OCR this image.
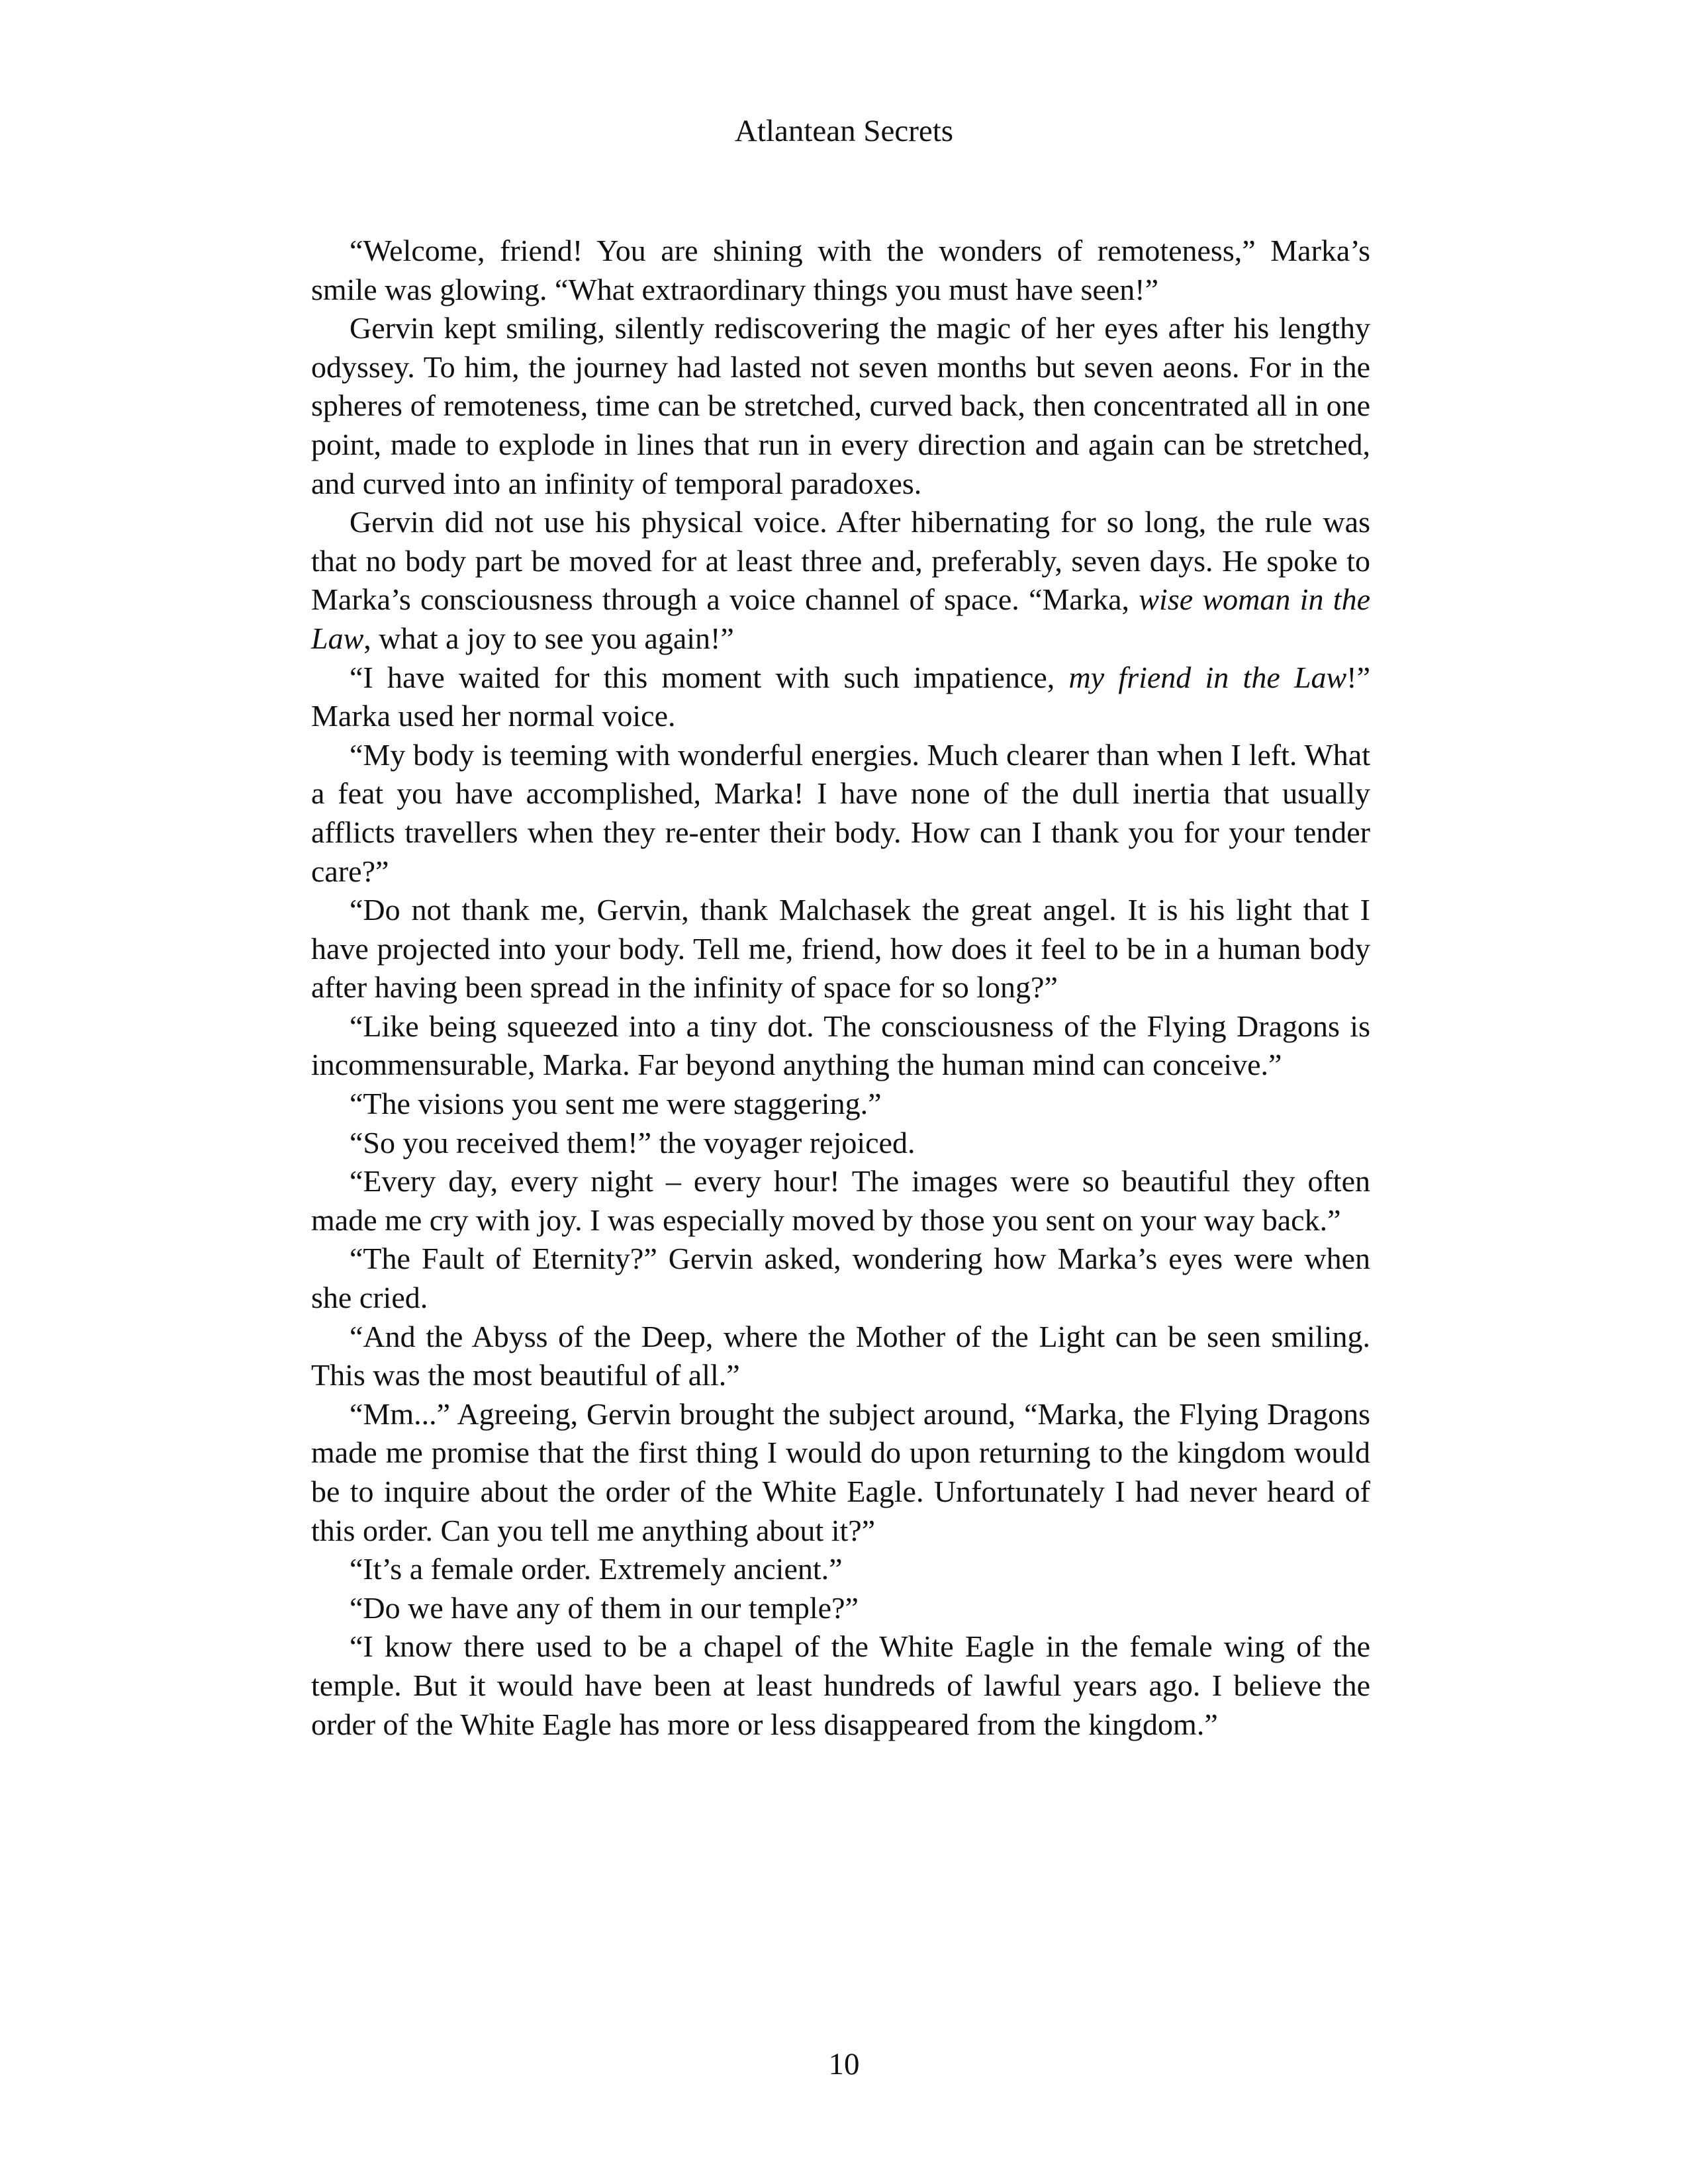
Atlantean Secrets

“Welcome, friend! You are shining with the wonders of remoteness,” Marka’s smile was glowing. “What extraordinary things you must have seen!”

Gervin kept smiling, silently rediscovering the magic of her eyes after his lengthy odyssey. To him, the journey had lasted not seven months but seven aeons. For in the spheres of remoteness, time can be stretched, curved back, then concentrated all in one point, made to explode in lines that run in every direction and again can be stretched, and curved into an infinity of temporal paradoxes.

Gervin did not use his physical voice. After hibernating for so long, the rule was that no body part be moved for at least three and, preferably, seven days. He spoke to Marka’s consciousness through a voice channel of space. “Marka, wise woman in the Law, what a joy to see you again!”

“I have waited for this moment with such impatience, my friend in the Law!” Marka used her normal voice.

“My body is teeming with wonderful energies. Much clearer than when I left. What a feat you have accomplished, Marka! I have none of the dull inertia that usually afflicts travellers when they re-enter their body. How can I thank you for your tender care?”

“Do not thank me, Gervin, thank Malchasek the great angel. It is his light that I have projected into your body. Tell me, friend, how does it feel to be in a human body after having been spread in the infinity of space for so long?”

“Like being squeezed into a tiny dot. The consciousness of the Flying Dragons is incommensurable, Marka. Far beyond anything the human mind can conceive.”

“The visions you sent me were staggering.”

“So you received them!” the voyager rejoiced.

“Every day, every night – every hour! The images were so beautiful they often made me cry with joy. I was especially moved by those you sent on your way back.”

“The Fault of Eternity?” Gervin asked, wondering how Marka’s eyes were when she cried.

“And the Abyss of the Deep, where the Mother of the Light can be seen smiling. This was the most beautiful of all.”

“Mm...” Agreeing, Gervin brought the subject around, “Marka, the Flying Dragons made me promise that the first thing I would do upon returning to the kingdom would be to inquire about the order of the White Eagle. Unfortunately I had never heard of this order. Can you tell me anything about it?”

“It’s a female order. Extremely ancient.”

“Do we have any of them in our temple?”

“I know there used to be a chapel of the White Eagle in the female wing of the temple. But it would have been at least hundreds of lawful years ago. I believe the order of the White Eagle has more or less disappeared from the kingdom.”

10
